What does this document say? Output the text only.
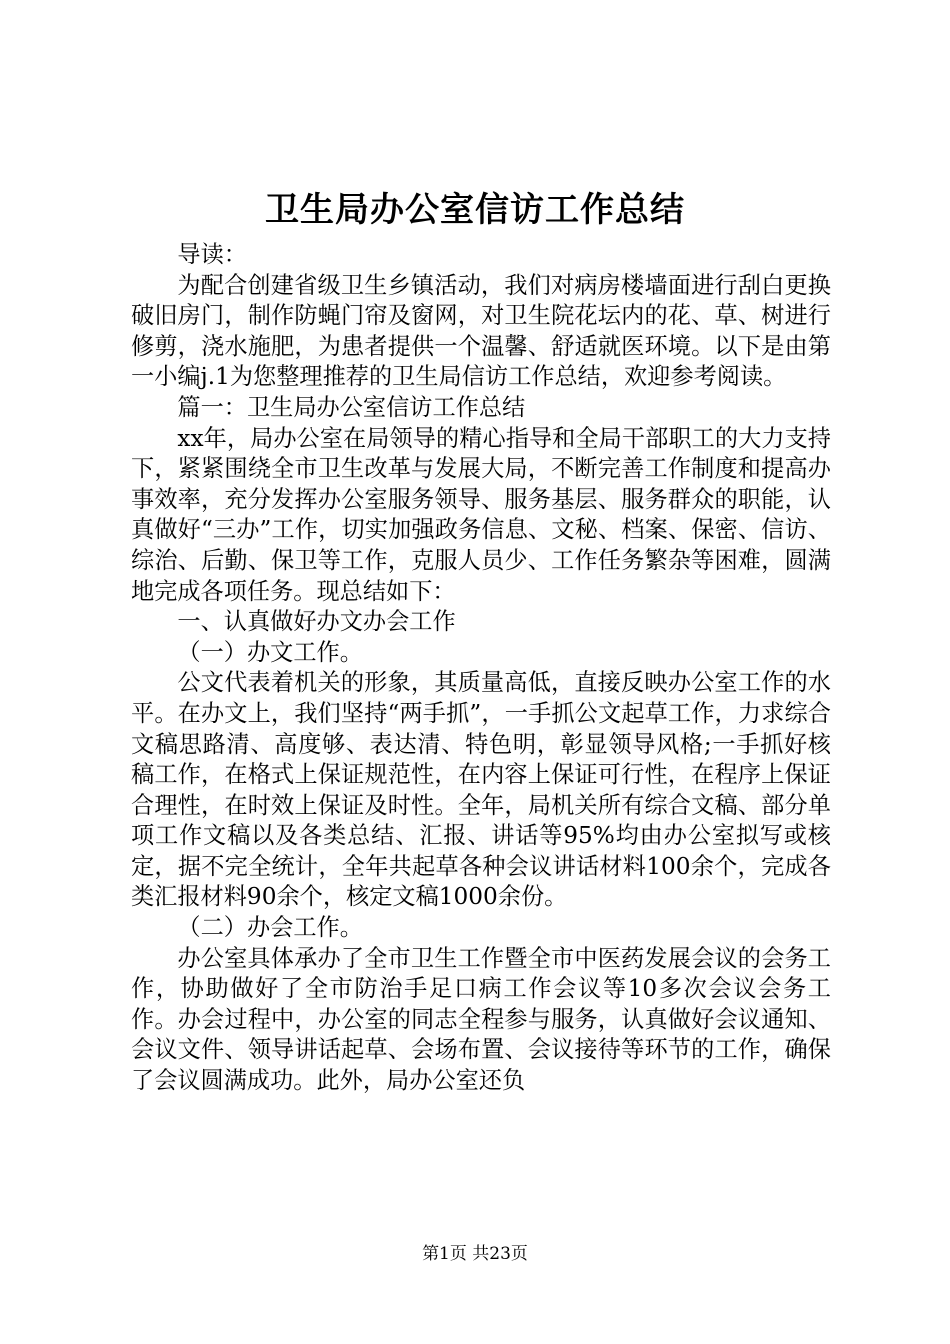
卫生局办公室信访工作总结

导读：

为配合创建省级卫生乡镇活动，我们对病房楼墙面进行刮白更换破旧房门，制作防蝇门帘及窗网，对卫生院花坛内的花、草、树进行修剪，浇水施肥，为患者提供一个温馨、舒适就医环境。以下是由第一小编j.1为您整理推荐的卫生局信访工作总结，欢迎参考阅读。

篇一：卫生局办公室信访工作总结

xx年，局办公室在局领导的精心指导和全局干部职工的大力支持下，紧紧围绕全市卫生改革与发展大局，不断完善工作制度和提高办事效率，充分发挥办公室服务领导、服务基层、服务群众的职能，认真做好“三办”工作，切实加强政务信息、文秘、档案、保密、信访、综治、后勤、保卫等工作，克服人员少、工作任务繁杂等困难，圆满地完成各项任务。现总结如下：

一、认真做好办文办会工作

（一）办文工作。

公文代表着机关的形象，其质量高低，直接反映办公室工作的水平。在办文上，我们坚持“两手抓”，一手抓公文起草工作，力求综合文稿思路清、高度够、表达清、特色明，彰显领导风格;一手抓好核稿工作，在格式上保证规范性，在内容上保证可行性，在程序上保证合理性，在时效上保证及时性。全年，局机关所有综合文稿、部分单项工作文稿以及各类总结、汇报、讲话等95%均由办公室拟写或核定，据不完全统计，全年共起草各种会议讲话材料100余个，完成各类汇报材料90余个，核定文稿1000余份。

（二）办会工作。

办公室具体承办了全市卫生工作暨全市中医药发展会议的会务工作，协助做好了全市防治手足口病工作会议等10多次会议会务工作。办会过程中，办公室的同志全程参与服务，认真做好会议通知、会议文件、领导讲话起草、会场布置、会议接待等环节的工作，确保了会议圆满成功。此外，局办公室还负

第1页 共23页
